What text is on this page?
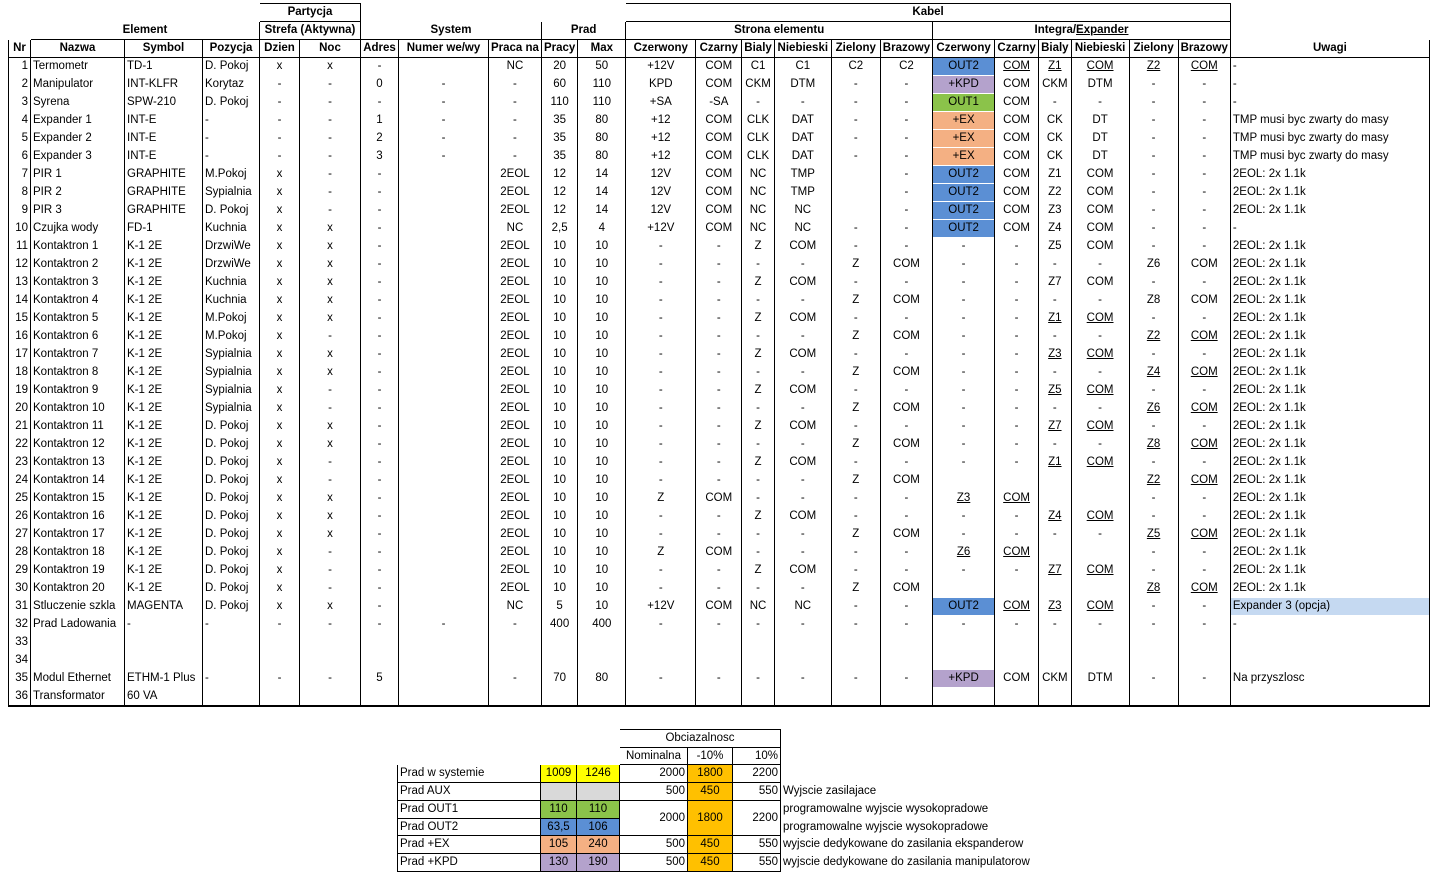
				Partycja							Kabel												
	Element			Strefa (Aktywna)		System			Prad		Strona elementu						Integra/Expander						
Nr	Nazwa	Symbol	Pozycja	Dzien	Noc	Adres	Numer we/wy	Praca na	Pracy	Max	Czerwony	Czarny	Bialy	Niebieski	Zielony	Brazowy	Czerwony	Czarny	Bialy	Niebieski	Zielony	Brazowy	Uwagi
1	Termometr	TD-1	D. Pokoj	x	x	-		NC	20	50	+12V	COM	C1	C1	C2	C2	OUT2	COM	Z1	COM	Z2	COM	-
2	Manipulator	INT-KLFR	Korytaz	-	-	0	-	-	60	110	KPD	COM	CKM	DTM	-	-	+KPD	COM	CKM	DTM	-	-	-
3	Syrena	SPW-210	D. Pokoj	-	-	-	-	-	110	110	+SA	-SA	-	-	-	-	OUT1	COM	-	-	-	-	-
4	Expander 1	INT-E	-	-	-	1	-	-	35	80	+12	COM	CLK	DAT	-	-	+EX	COM	CK	DT	-	-	TMP musi byc zwarty do masy
5	Expander 2	INT-E	-	-	-	2	-	-	35	80	+12	COM	CLK	DAT	-	-	+EX	COM	CK	DT	-	-	TMP musi byc zwarty do masy
6	Expander 3	INT-E	-	-	-	3	-	-	35	80	+12	COM	CLK	DAT	-	-	+EX	COM	CK	DT	-	-	TMP musi byc zwarty do masy
7	PIR 1	GRAPHITE	M.Pokoj	x	-	-		2EOL	12	14	12V	COM	NC	TMP		-	OUT2	COM	Z1	COM	-	-	2EOL: 2x 1.1k
8	PIR 2	GRAPHITE	Sypialnia	x	-	-		2EOL	12	14	12V	COM	NC	TMP		-	OUT2	COM	Z2	COM	-	-	2EOL: 2x 1.1k
9	PIR 3	GRAPHITE	D. Pokoj	x	-	-		2EOL	12	14	12V	COM	NC	NC		-	OUT2	COM	Z3	COM	-	-	2EOL: 2x 1.1k
10	Czujka wody	FD-1	Kuchnia	x	x	-		NC	2,5	4	+12V	COM	NC	NC	-	-	OUT2	COM	Z4	COM	-	-	-
11	Kontaktron 1	K-1 2E	DrzwiWe	x	x	-		2EOL	10	10	-	-	Z	COM	-	-	-	-	Z5	COM	-	-	2EOL: 2x 1.1k
12	Kontaktron 2	K-1 2E	DrzwiWe	x	x	-		2EOL	10	10	-	-	-	-	Z	COM	-	-	-	-	Z6	COM	2EOL: 2x 1.1k
13	Kontaktron 3	K-1 2E	Kuchnia	x	x	-		2EOL	10	10	-	-	Z	COM	-	-	-	-	Z7	COM	-	-	2EOL: 2x 1.1k
14	Kontaktron 4	K-1 2E	Kuchnia	x	x	-		2EOL	10	10	-	-	-	-	Z	COM	-	-	-	-	Z8	COM	2EOL: 2x 1.1k
15	Kontaktron 5	K-1 2E	M.Pokoj	x	x	-		2EOL	10	10	-	-	Z	COM	-	-	-	-	Z1	COM	-	-	2EOL: 2x 1.1k
16	Kontaktron 6	K-1 2E	M.Pokoj	x	-	-		2EOL	10	10	-	-	-	-	Z	COM	-	-	-	-	Z2	COM	2EOL: 2x 1.1k
17	Kontaktron 7	K-1 2E	Sypialnia	x	x	-		2EOL	10	10	-	-	Z	COM	-	-	-	-	Z3	COM	-	-	2EOL: 2x 1.1k
18	Kontaktron 8	K-1 2E	Sypialnia	x	x	-		2EOL	10	10	-	-	-	-	Z	COM	-	-	-	-	Z4	COM	2EOL: 2x 1.1k
19	Kontaktron 9	K-1 2E	Sypialnia	x	-	-		2EOL	10	10	-	-	Z	COM	-	-	-	-	Z5	COM	-	-	2EOL: 2x 1.1k
20	Kontaktron 10	K-1 2E	Sypialnia	x	-	-		2EOL	10	10	-	-	-	-	Z	COM	-	-	-	-	Z6	COM	2EOL: 2x 1.1k
21	Kontaktron 11	K-1 2E	D. Pokoj	x	x	-		2EOL	10	10	-	-	Z	COM	-	-	-	-	Z7	COM	-	-	2EOL: 2x 1.1k
22	Kontaktron 12	K-1 2E	D. Pokoj	x	x	-		2EOL	10	10	-	-	-	-	Z	COM	-	-	-	-	Z8	COM	2EOL: 2x 1.1k
23	Kontaktron 13	K-1 2E	D. Pokoj	x	-	-		2EOL	10	10	-	-	Z	COM	-	-	-	-	Z1	COM	-	-	2EOL: 2x 1.1k
24	Kontaktron 14	K-1 2E	D. Pokoj	x	-	-		2EOL	10	10	-	-	-	-	Z	COM					Z2	COM	2EOL: 2x 1.1k
25	Kontaktron 15	K-1 2E	D. Pokoj	x	x	-		2EOL	10	10	Z	COM	-	-	-	-	Z3	COM			-	-	2EOL: 2x 1.1k
26	Kontaktron 16	K-1 2E	D. Pokoj	x	x	-		2EOL	10	10	-	-	Z	COM	-	-	-	-	Z4	COM	-	-	2EOL: 2x 1.1k
27	Kontaktron 17	K-1 2E	D. Pokoj	x	x	-		2EOL	10	10	-	-	-	-	Z	COM	-	-	-	-	Z5	COM	2EOL: 2x 1.1k
28	Kontaktron 18	K-1 2E	D. Pokoj	x	-	-		2EOL	10	10	Z	COM	-	-	-	-	Z6	COM			-	-	2EOL: 2x 1.1k
29	Kontaktron 19	K-1 2E	D. Pokoj	x	-	-		2EOL	10	10	-	-	Z	COM	-	-	-	-	Z7	COM	-	-	2EOL: 2x 1.1k
30	Kontaktron 20	K-1 2E	D. Pokoj	x	-	-		2EOL	10	10	-	-	-	-	Z	COM					Z8	COM	2EOL: 2x 1.1k
31	Stluczenie szkla	MAGENTA	D. Pokoj	x	x	-		NC	5	10	+12V	COM	NC	NC	-	-	OUT2	COM	Z3	COM	-	-	Expander 3 (opcja)
32	Prad Ladowania	-	-	-	-	-	-	-	400	400	-	-	-	-	-	-	-	-	-	-	-	-	-
33																							
34																							
35	Modul Ethernet	ETHM-1 Plus	-	-	-	5		-	70	80	-	-	-	-	-	-	+KPD	COM	CKM	DTM	-	-	Na przyszlosc
36	Transformator	60 VA																					
			Obciazalnosc			
			Nominalna	-10%	10%	
Prad w systemie	1009	1246	2000	1800	2200	
Prad AUX			500	450	550	Wyjscie zasilajace
Prad OUT1	110	110	2000	1800	2200	programowalne wyjscie wysokopradowe
Prad OUT2	63,5	106				programowalne wyjscie wysokopradowe
Prad +EX	105	240	500	450	550	wyjscie dedykowane do zasilania ekspanderow
Prad +KPD	130	190	500	450	550	wyjscie dedykowane do zasilania manipulatorow
